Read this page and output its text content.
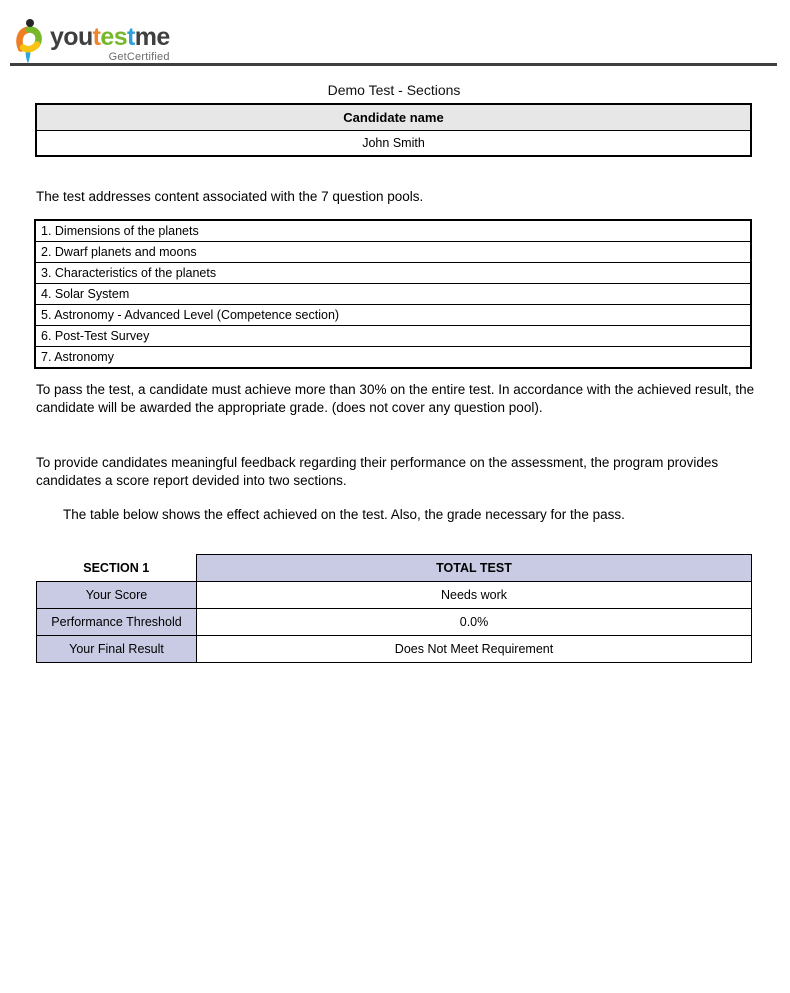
youtestme
GetCertified
Demo Test - Sections
Candidate name
John Smith
The test addresses content associated with the 7 question pools.
1. Dimensions of the planets
2. Dwarf planets and moons
3. Characteristics of the planets
4. Solar System
5. Astronomy - Advanced Level (Competence section)
6. Post-Test Survey
7. Astronomy
To pass the test, a candidate must achieve more than 30% on the entire test. In accordance with the achieved result, the candidate will be awarded the appropriate grade. (does not cover any question pool).
To provide candidates meaningful feedback regarding their performance on the assessment, the program provides candidates a score report devided into two sections.
The table below shows the effect achieved on the test. Also, the grade necessary for the pass.
SECTION 1	TOTAL TEST
Your Score	Needs work
Performance Threshold	0.0%
Your Final Result	Does Not Meet Requirement
